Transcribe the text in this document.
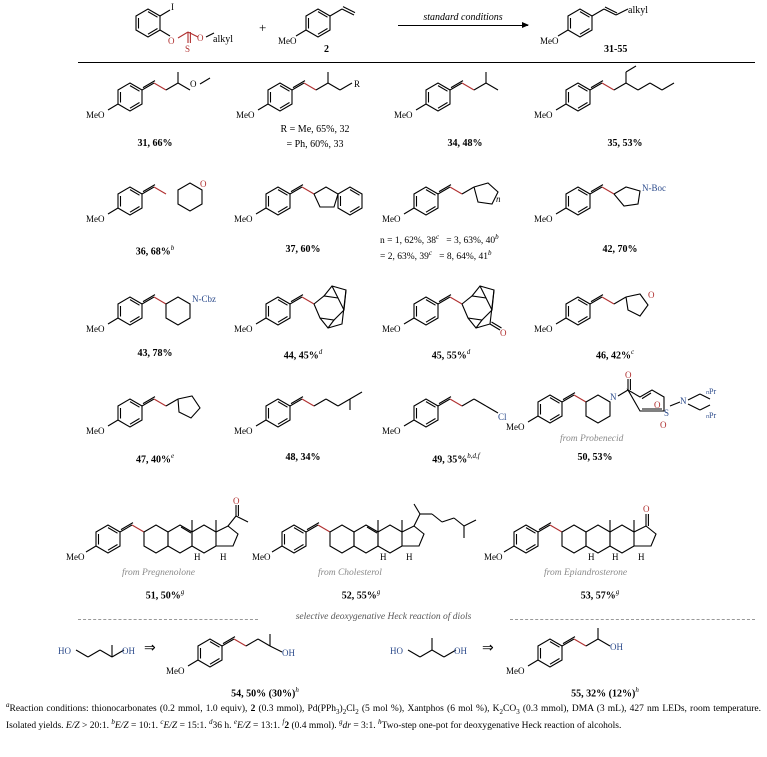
I
O
S
O alkyl
+
MeO
2
standard conditions
MeO
alkyl
31-55
MeO
O
31, 66%
MeO
R
R = Me, 65%, 32
= Ph, 60%, 33
MeO
34, 48%
MeO
35, 53%
MeO
O
36, 68%$^b$
MeO
37, 60%
MeO
n
n = 1, 62%, $38^c = 3$, 63%, $40^b$
= 2, 63%, $39^c = 8$, 64%, 41$^b$
MeO
N-Boc
42, 70%
MeO
N-Cbz
43, 78%
MeO
44, 45%$^d$
MeO	O
45, 55%$^d$
MeO
O
46, 42%$^c$
MeO
47, 40%$^e$
MeO
48, 34%
MeO
Cl
49, 35%$^{b,d,f}$
MeO
N
O
S
N
O
O
nPr
nPr
from Probenecid
50, 53%
MeO
O
H H
from Pregnenolone
51, 50%$^g$
MeO	H H
from Cholesterol
52, 55%$^g$
MeO
O
H H H
from Epiandrosterone
53, 57%$^g$
selective deoxygenative Heck reaction of diols
HO	OH ⇒
MeO
OH
54, 50% $(30\%)^h$
HO	OH ⇒
MeO
OH
55, 32% $(12\%)^h$
$^a$Reaction conditions: thionocarbonates (0.2 mmol, 1.0 equiv), 2 (0.3 mmol), $Pd(PPh_3)_2Cl_2$ (5 mol %), Xantphos (6 mol %), $K_2CO_3$ (0.3 mmol), DMA (3 mL), 427 nm LEDs, room temperature. Isolated yields. E/Z > 20:1. $^b$E/Z = 10:1. $^c$E/Z = 15:1. $^d$36 h. $^e$E/Z = 13:1. $^f$2 (0.4 mmol). $^g$dr = 3:1. $^h$Two-step one-pot for deoxygenative Heck reaction of alcohols.
